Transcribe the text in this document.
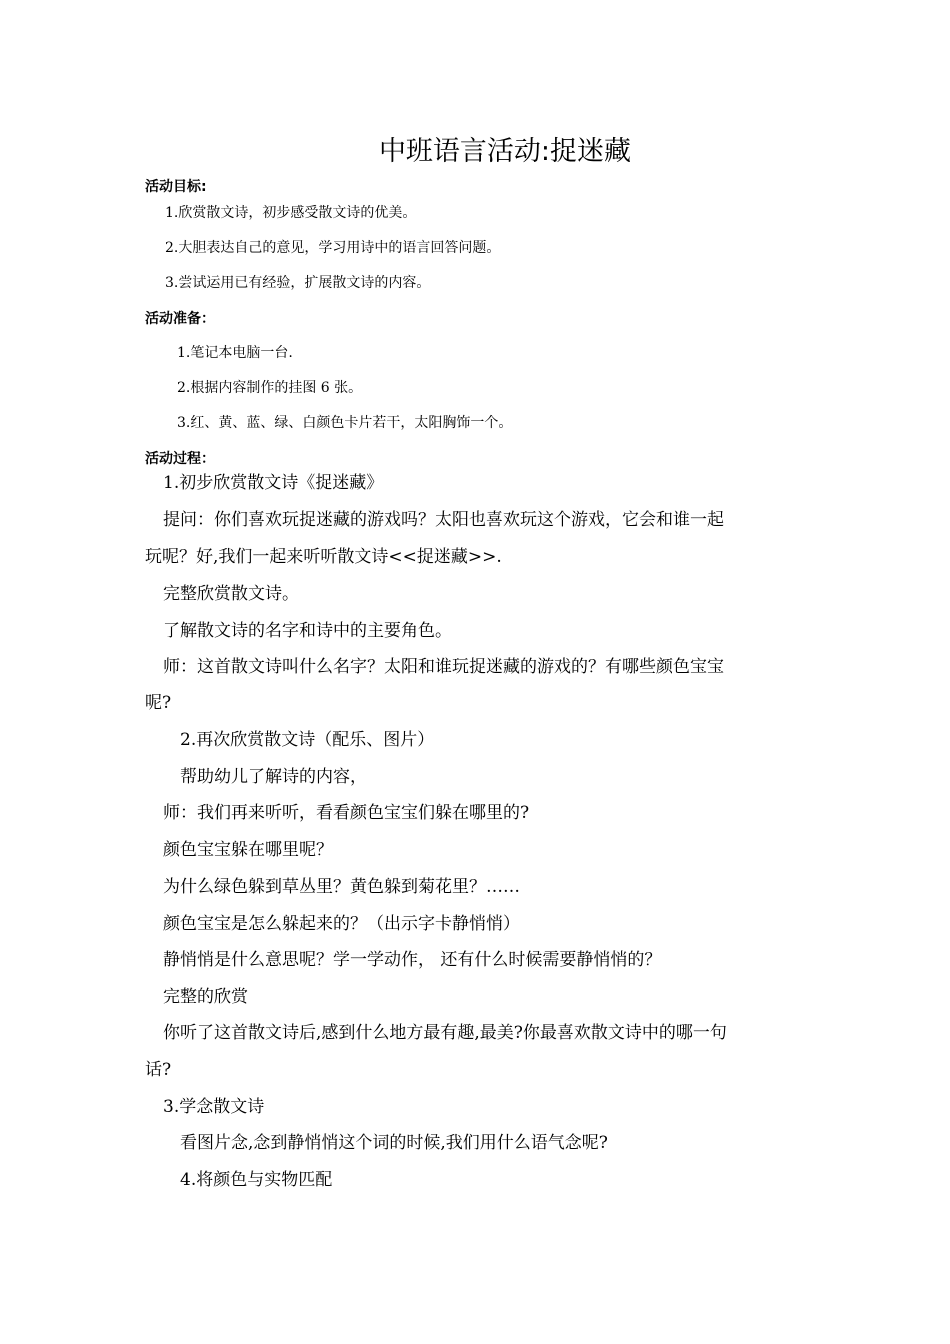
中班语言活动:捉迷藏
活动目标:
1.欣赏散文诗，初步感受散文诗的优美。
2.大胆表达自己的意见，学习用诗中的语言回答问题。
3.尝试运用已有经验，扩展散文诗的内容。
活动准备：
1.笔记本电脑一台.
2.根据内容制作的挂图 6 张。
3.红、黄、蓝、绿、白颜色卡片若干，太阳胸饰一个。
活动过程：
1.初步欣赏散文诗《捉迷藏》
提问：你们喜欢玩捉迷藏的游戏吗？太阳也喜欢玩这个游戏，它会和谁一起
玩呢？好,我们一起来听听散文诗<<捉迷藏>>.
完整欣赏散文诗。
了解散文诗的名字和诗中的主要角色。
师：这首散文诗叫什么名字？太阳和谁玩捉迷藏的游戏的？有哪些颜色宝宝
呢?
2.再次欣赏散文诗（配乐、图片）
帮助幼儿了解诗的内容，
师：我们再来听听，看看颜色宝宝们躲在哪里的?
颜色宝宝躲在哪里呢？
为什么绿色躲到草丛里？黄色躲到菊花里？……
颜色宝宝是怎么躲起来的？（出示字卡静悄悄）
静悄悄是什么意思呢？学一学动作， 还有什么时候需要静悄悄的？
完整的欣赏
你听了这首散文诗后,感到什么地方最有趣,最美?你最喜欢散文诗中的哪一句
话?
3.学念散文诗
看图片念,念到静悄悄这个词的时候,我们用什么语气念呢?
4.将颜色与实物匹配
